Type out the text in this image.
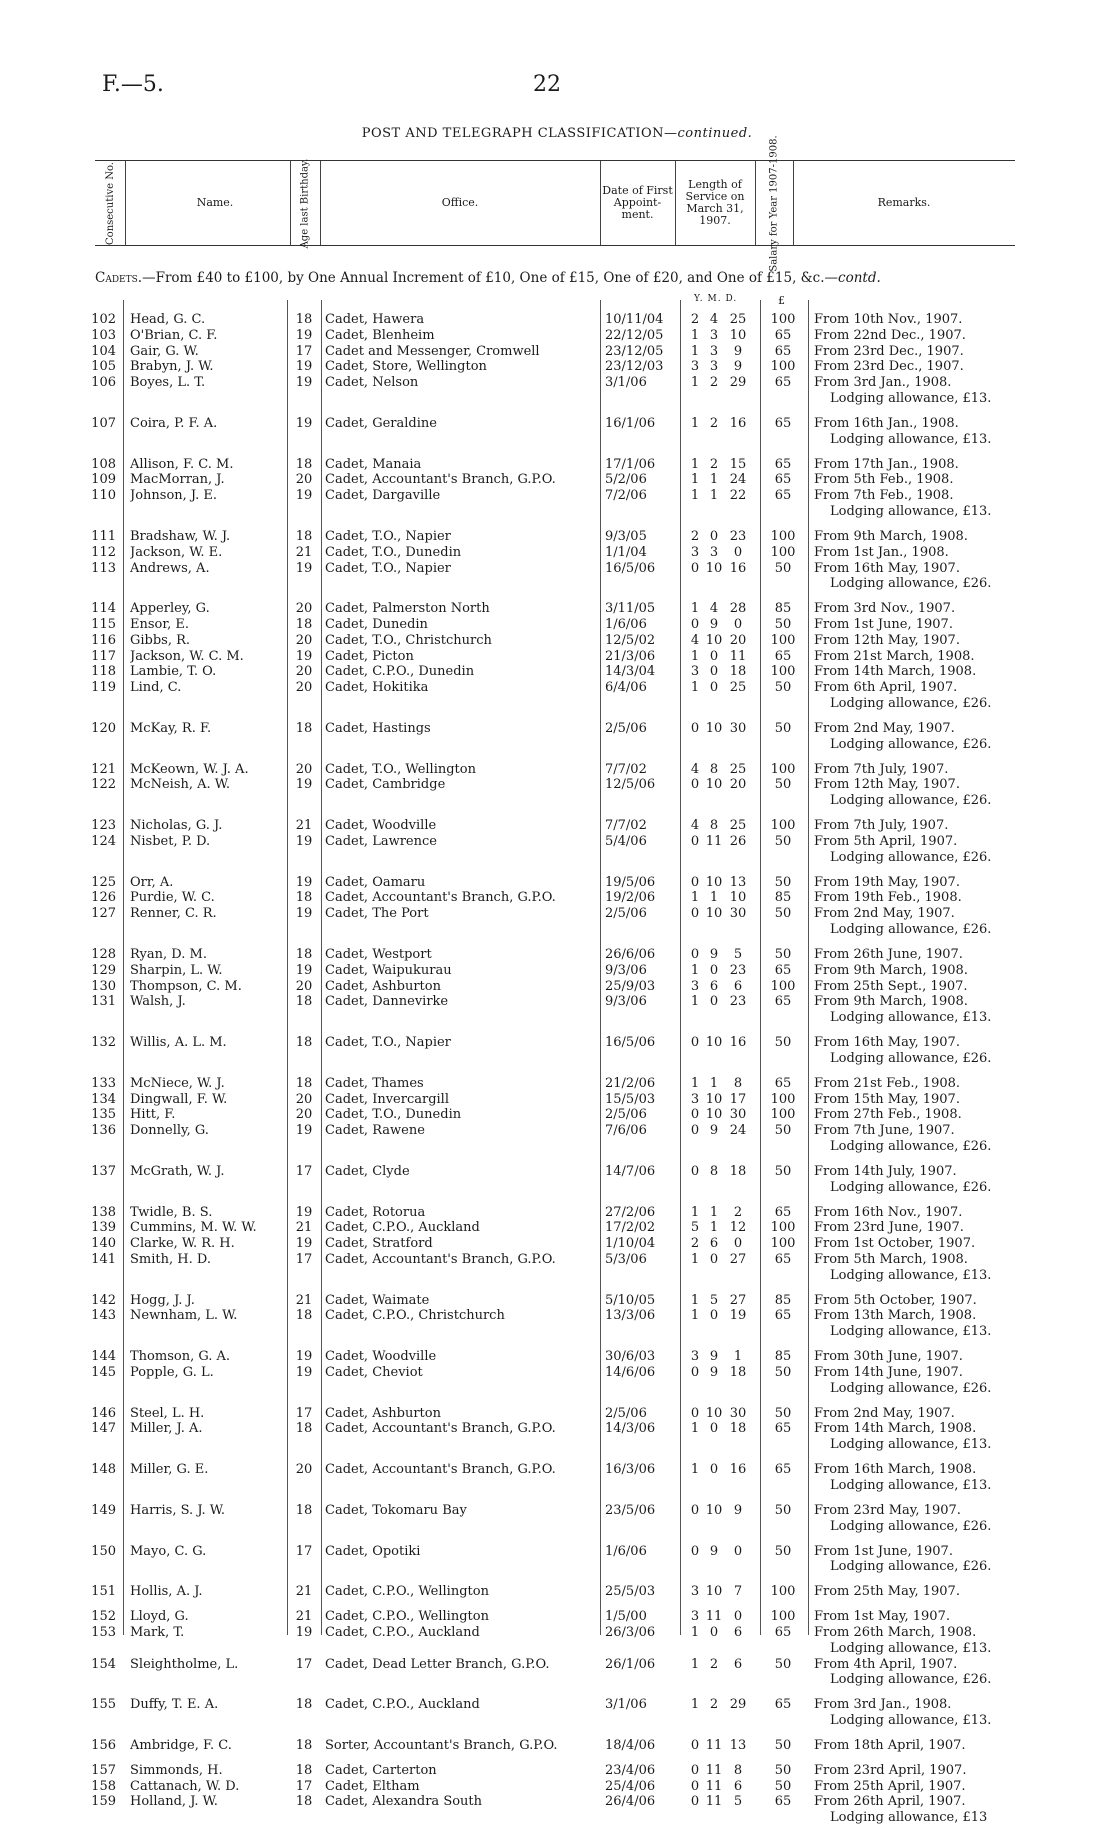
F.—5.	22
POST AND TELEGRAPH CLASSIFICATION—continued.
Consecutive No.	Name.	Age last Birthday.	Office.
Date of First Appoint-ment.
Length of Service on March 31, 1907.	Salary for Year 1907-1908.	Remarks.
Cadets.—From £40 to £100, by One Annual Increment of £10, One of £15, One of £20, and One of £15, &c.—contd.
Y. M. D.	£
102 Head, G. C.	18 Cadet, Hawera	10/11/04	2 4 25	100	From 10th Nov., 1907.
103 O'Brian, C. F.	19 Cadet, Blenheim	22/12/05	1 3 10	65	From 22nd Dec., 1907.
104 Gair, G. W.	17 Cadet and Messenger, Cromwell	23/12/05	1 3	9	65	From 23rd Dec., 1907.
105 Brabyn, J. W.	19 Cadet, Store, Wellington	23/12/03	3 3	9	100	From 23rd Dec., 1907.
106 Boyes, L. T.	19 Cadet, Nelson	3/1/06	1 2 29	65	From 3rd Jan., 1908.
Lodging allowance, £13.
107 Coira, P. F. A.	19 Cadet, Geraldine	16/1/06	1 2 16	65	From 16th Jan., 1908.
Lodging allowance, £13.
108 Allison, F. C. M.	18 Cadet, Manaia	17/1/06	1 2 15	65	From 17th Jan., 1908.
109 MacMorran, J.	20 Cadet, Accountant's Branch, G.P.O.	5/2/06	1 1 24	65	From 5th Feb., 1908.
110 Johnson, J. E.	19 Cadet, Dargaville	7/2/06	1 1 22	65	From 7th Feb., 1908.
Lodging allowance, £13.
111 Bradshaw, W. J.	18 Cadet, T.O., Napier	9/3/05	2 0 23	100	From 9th March, 1908.
112 Jackson, W. E.	21 Cadet, T.O., Dunedin	1/1/04	3 3	0	100	From 1st Jan., 1908.
113 Andrews, A.	19 Cadet, T.O., Napier	16/5/06	0 10 16	50	From 16th May, 1907.
Lodging allowance, £26.
114 Apperley, G.	20 Cadet, Palmerston North	3/11/05	1 4 28	85	From 3rd Nov., 1907.
115 Ensor, E.	18 Cadet, Dunedin	1/6/06	0 9	0	50	From 1st June, 1907.
116 Gibbs, R.	20 Cadet, T.O., Christchurch	12/5/02	4 10 20	100	From 12th May, 1907.
117 Jackson, W. C. M.	19 Cadet, Picton	21/3/06	1 0 11	65	From 21st March, 1908.
118 Lambie, T. O.	20 Cadet, C.P.O., Dunedin	14/3/04	3 0 18	100	From 14th March, 1908.
119 Lind, C.	20 Cadet, Hokitika	6/4/06	1 0 25	50	From 6th April, 1907.
Lodging allowance, £26.
120 McKay, R. F.	18 Cadet, Hastings	2/5/06	0 10 30	50	From 2nd May, 1907.
Lodging allowance, £26.
121 McKeown, W. J. A.	20 Cadet, T.O., Wellington	7/7/02	4 8 25	100	From 7th July, 1907.
122 McNeish, A. W.	19 Cadet, Cambridge	12/5/06	0 10 20	50	From 12th May, 1907.
Lodging allowance, £26.
123 Nicholas, G. J.	21 Cadet, Woodville	7/7/02	4 8 25	100	From 7th July, 1907.
124 Nisbet, P. D.	19 Cadet, Lawrence	5/4/06	0 11 26	50	From 5th April, 1907.
Lodging allowance, £26.
125 Orr, A.	19 Cadet, Oamaru	19/5/06	0 10 13	50	From 19th May, 1907.
126 Purdie, W. C.	18 Cadet, Accountant's Branch, G.P.O.	19/2/06	1 1 10	85	From 19th Feb., 1908.
127 Renner, C. R.	19 Cadet, The Port	2/5/06	0 10 30	50	From 2nd May, 1907.
Lodging allowance, £26.
128 Ryan, D. M.	18 Cadet, Westport	26/6/06	0 9	5	50	From 26th June, 1907.
129 Sharpin, L. W.	19 Cadet, Waipukurau	9/3/06	1 0 23	65	From 9th March, 1908.
130 Thompson, C. M.	20 Cadet, Ashburton	25/9/03	3 6	6	100	From 25th Sept., 1907.
131 Walsh, J.	18 Cadet, Dannevirke	9/3/06	1 0 23	65	From 9th March, 1908.
Lodging allowance, £13.
132 Willis, A. L. M.	18 Cadet, T.O., Napier	16/5/06	0 10 16	50	From 16th May, 1907.
Lodging allowance, £26.
133 McNiece, W. J.	18 Cadet, Thames	21/2/06	1 1	8	65	From 21st Feb., 1908.
134 Dingwall, F. W.	20 Cadet, Invercargill	15/5/03	3 10 17	100	From 15th May, 1907.
135 Hitt, F.	20 Cadet, T.O., Dunedin	2/5/06	0 10 30	100	From 27th Feb., 1908.
136 Donnelly, G.	19 Cadet, Rawene	7/6/06	0 9 24	50	From 7th June, 1907.
Lodging allowance, £26.
137 McGrath, W. J.	17 Cadet, Clyde	14/7/06	0 8 18	50	From 14th July, 1907.
Lodging allowance, £26.
138 Twidle, B. S.	19 Cadet, Rotorua	27/2/06	1 1	2	65	From 16th Nov., 1907.
139 Cummins, M. W. W.	21 Cadet, C.P.O., Auckland	17/2/02	5 1 12	100	From 23rd June, 1907.
140 Clarke, W. R. H.	19 Cadet, Stratford	1/10/04	2 6	0	100	From 1st October, 1907.
141 Smith, H. D.	17 Cadet, Accountant's Branch, G.P.O.	5/3/06	1 0 27	65	From 5th March, 1908.
Lodging allowance, £13.
142 Hogg, J. J.	21 Cadet, Waimate	5/10/05	1 5 27	85	From 5th October, 1907.
143 Newnham, L. W.	18 Cadet, C.P.O., Christchurch	13/3/06	1 0 19	65	From 13th March, 1908.
Lodging allowance, £13.
144 Thomson, G. A.	19 Cadet, Woodville	30/6/03	3 9	1	85	From 30th June, 1907.
145 Popple, G. L.	19 Cadet, Cheviot	14/6/06	0 9 18	50	From 14th June, 1907.
Lodging allowance, £26.
146 Steel, L. H.	17 Cadet, Ashburton	2/5/06	0 10 30	50	From 2nd May, 1907.
147 Miller, J. A.	18 Cadet, Accountant's Branch, G.P.O.	14/3/06	1 0 18	65	From 14th March, 1908.
Lodging allowance, £13.
148 Miller, G. E.	20 Cadet, Accountant's Branch, G.P.O.	16/3/06	1 0 16	65	From 16th March, 1908.
Lodging allowance, £13.
149 Harris, S. J. W.	18 Cadet, Tokomaru Bay	23/5/06	0 10 9	50	From 23rd May, 1907.
Lodging allowance, £26.
150 Mayo, C. G.	17 Cadet, Opotiki	1/6/06	0 9	0	50	From 1st June, 1907.
Lodging allowance, £26.
151 Hollis, A. J.	21 Cadet, C.P.O., Wellington	25/5/03	3 10 7	100	From 25th May, 1907.
152 Lloyd, G.	21 Cadet, C.P.O., Wellington	1/5/00	3 11 0	100	From 1st May, 1907.
153 Mark, T.	19 Cadet, C.P.O., Auckland	26/3/06	1 0	6	65	From 26th March, 1908.
Lodging allowance, £13.
154 Sleightholme, L.	17 Cadet, Dead Letter Branch, G.P.O.	26/1/06	1 2	6	50	From 4th April, 1907.
Lodging allowance, £26.
155 Duffy, T. E. A.	18 Cadet, C.P.O., Auckland	3/1/06	1 2 29	65	From 3rd Jan., 1908.
Lodging allowance, £13.
156 Ambridge, F. C.	18 Sorter, Accountant's Branch, G.P.O.	18/4/06	0 11 13	50	From 18th April, 1907.
157 Simmonds, H.	18 Cadet, Carterton	23/4/06	0 11 8	50	From 23rd April, 1907.
158 Cattanach, W. D.	17 Cadet, Eltham	25/4/06	0 11 6	50	From 25th April, 1907.
159 Holland, J. W.	18 Cadet, Alexandra South	26/4/06	0 11 5	65	From 26th April, 1907.
Lodging allowance, £13
